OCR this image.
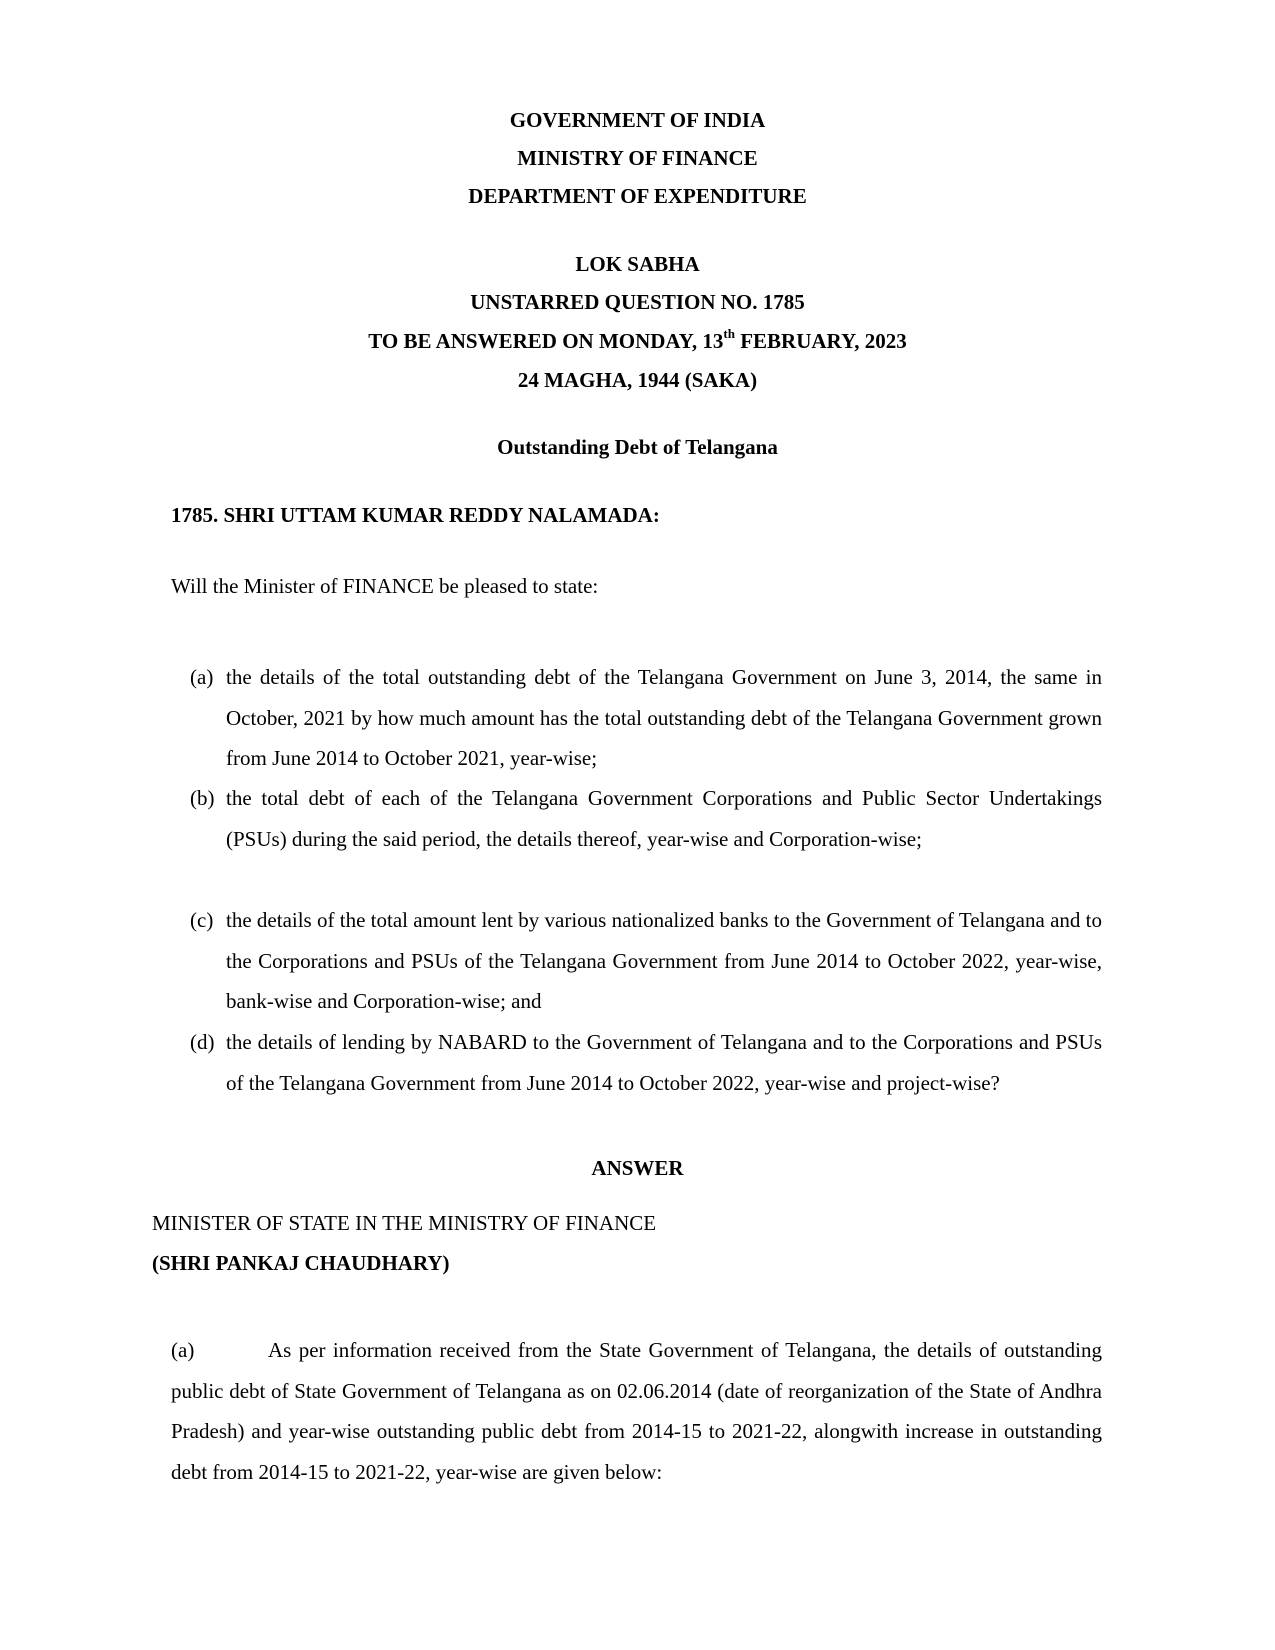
GOVERNMENT OF INDIA
MINISTRY OF FINANCE
DEPARTMENT OF EXPENDITURE
LOK SABHA
UNSTARRED QUESTION NO. 1785
TO BE ANSWERED ON MONDAY, 13th FEBRUARY, 2023
24 MAGHA, 1944 (SAKA)
Outstanding Debt of Telangana
1785. SHRI UTTAM KUMAR REDDY NALAMADA:
Will the Minister of FINANCE be pleased to state:
(a) the details of the total outstanding debt of the Telangana Government on June 3, 2014, the same in October, 2021 by how much amount has the total outstanding debt of the Telangana Government grown from June 2014 to October 2021, year-wise;
(b) the total debt of each of the Telangana Government Corporations and Public Sector Undertakings (PSUs) during the said period, the details thereof, year-wise and Corporation-wise;
(c) the details of the total amount lent by various nationalized banks to the Government of Telangana and to the Corporations and PSUs of the Telangana Government from June 2014 to October 2022, year-wise, bank-wise and Corporation-wise; and
(d) the details of lending by NABARD to the Government of Telangana and to the Corporations and PSUs of the Telangana Government from June 2014 to October 2022, year-wise and project-wise?
ANSWER
MINISTER OF STATE IN THE MINISTRY OF FINANCE
(SHRI PANKAJ CHAUDHARY)
(a)	As per information received from the State Government of Telangana, the details of outstanding public debt of State Government of Telangana as on 02.06.2014 (date of reorganization of the State of Andhra Pradesh) and year-wise outstanding public debt from 2014-15 to 2021-22, alongwith increase in outstanding debt from 2014-15 to 2021-22, year-wise are given below:
